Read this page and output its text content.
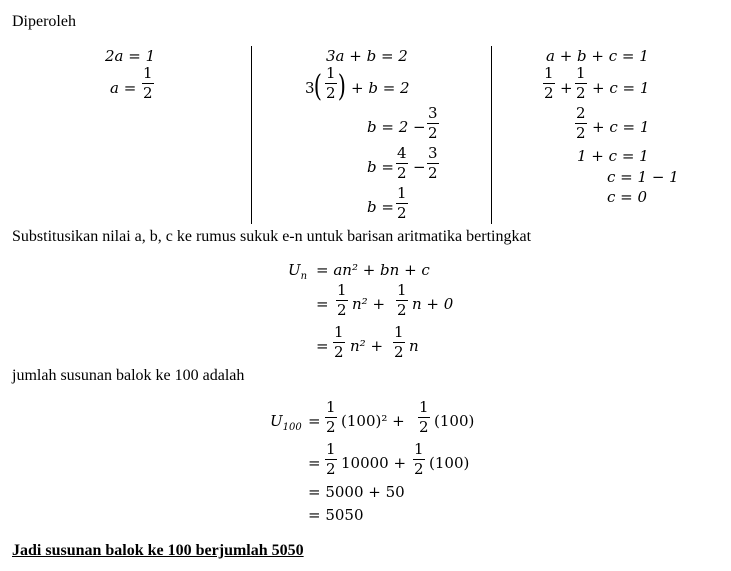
Diperoleh
2a = 1
$a = \frac{1}{2}$
3a + b = 2
3 ( $\frac{1}{2}$ ) + b = 2
$b = 2 - \frac{3}{2}$
$b = \frac{4}{2} - \frac{3}{2}$
$b = \frac{1}{2}$
a + b + c = 1
$\frac{1}{2} + \frac{1}{2} + c = 1$
$\frac{2}{2} + c = 1$
1 + c = 1
c = 1 − 1
c = 0
Substitusikan nilai a, b, c ke rumus sukuk e-n untuk barisan aritmatika bertingkat
$U_n = an^2$ + bn + c
= $\frac{1}{2} n^2 + \frac{1}{2}$ n + 0
= $\frac{1}{2} n^2 + \frac{1}{2}$ n
jumlah susunan balok ke 100 adalah
$U_{100} = \frac{1}{2} (100)^2 + \frac{1}{2} (100)$
= $\frac{1}{2} 10000 + \frac{1}{2} (100)$
= 5000 + 50
= 5050
Jadi susunan balok ke 100 berjumlah 5050
